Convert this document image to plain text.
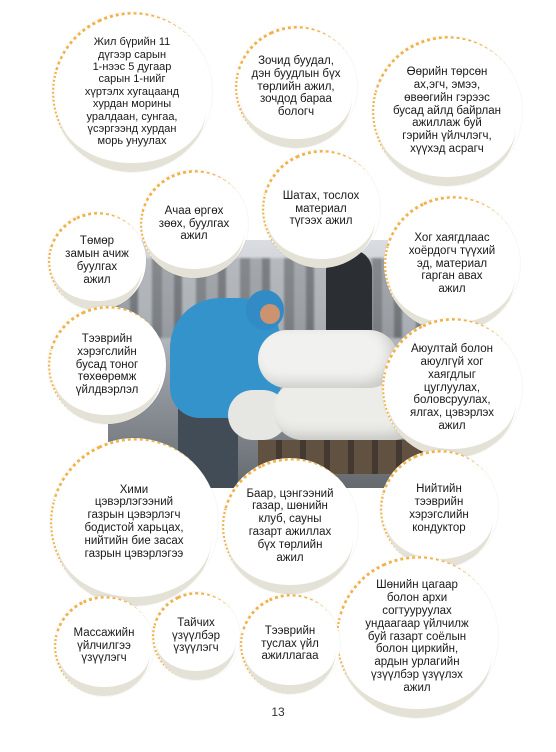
Жил бүрийн 11
дүгээр сарын
1-нээс 5 дугаар
сарын 1-нийг
хүртэлх хугацаанд
хурдан морины
уралдаан, сунгаа,
үсэргээнд хурдан
морь унуулах
Зочид буудал,
дэн буудлын бүх
төрлийн ажил,
зочдод бараа
бологч
Өөрийн төрсөн
ах,эгч, эмээ,
өвөөгийн гэрээс
бусад айлд байрлан
ажиллаж буй
гэрийн үйлчлэгч,
хүүхэд асрагч
Ачаа өргөх
зөөх, буулгах
ажил
Шатах, тослох
материал
түгээх ажил
Төмөр
замын ачиж
буулгах
ажил
Хог хаягдлаас
хоёрдогч түүхий
эд, материал
гарган авах
ажил
Тээврийн
хэрэгслийн
бусад тоног
төхөөрөмж
үйлдвэрлэл
Аюултай болон
аюулгүй хог
хаягдлыг
цуглуулах,
боловсруулах,
ялгах, цэвэрлэх
ажил
Хими
цэвэрлэгээний
газрын цэвэрлэгч
бодистой харьцах,
нийтийн бие засах
газрын цэвэрлэгээ
Баар, цэнгээний
газар, шөнийн
клуб, сауны
газарт ажиллах
бүх төрлийн
ажил
Нийтийн
тээврийн
хэрэгслийн
кондуктор
Шөнийн цагаар
болон архи
согтууруулах
ундаагаар үйлчилж
буй газарт соёлын
болон циркийн,
ардын урлагийн
үзүүлбэр үзүүлэх
ажил
Массажийн
үйлчилгээ
үзүүлэгч
Тайчих
үзүүлбэр
үзүүлэгч
Тээврийн
туслах үйл
ажиллагаа
13
